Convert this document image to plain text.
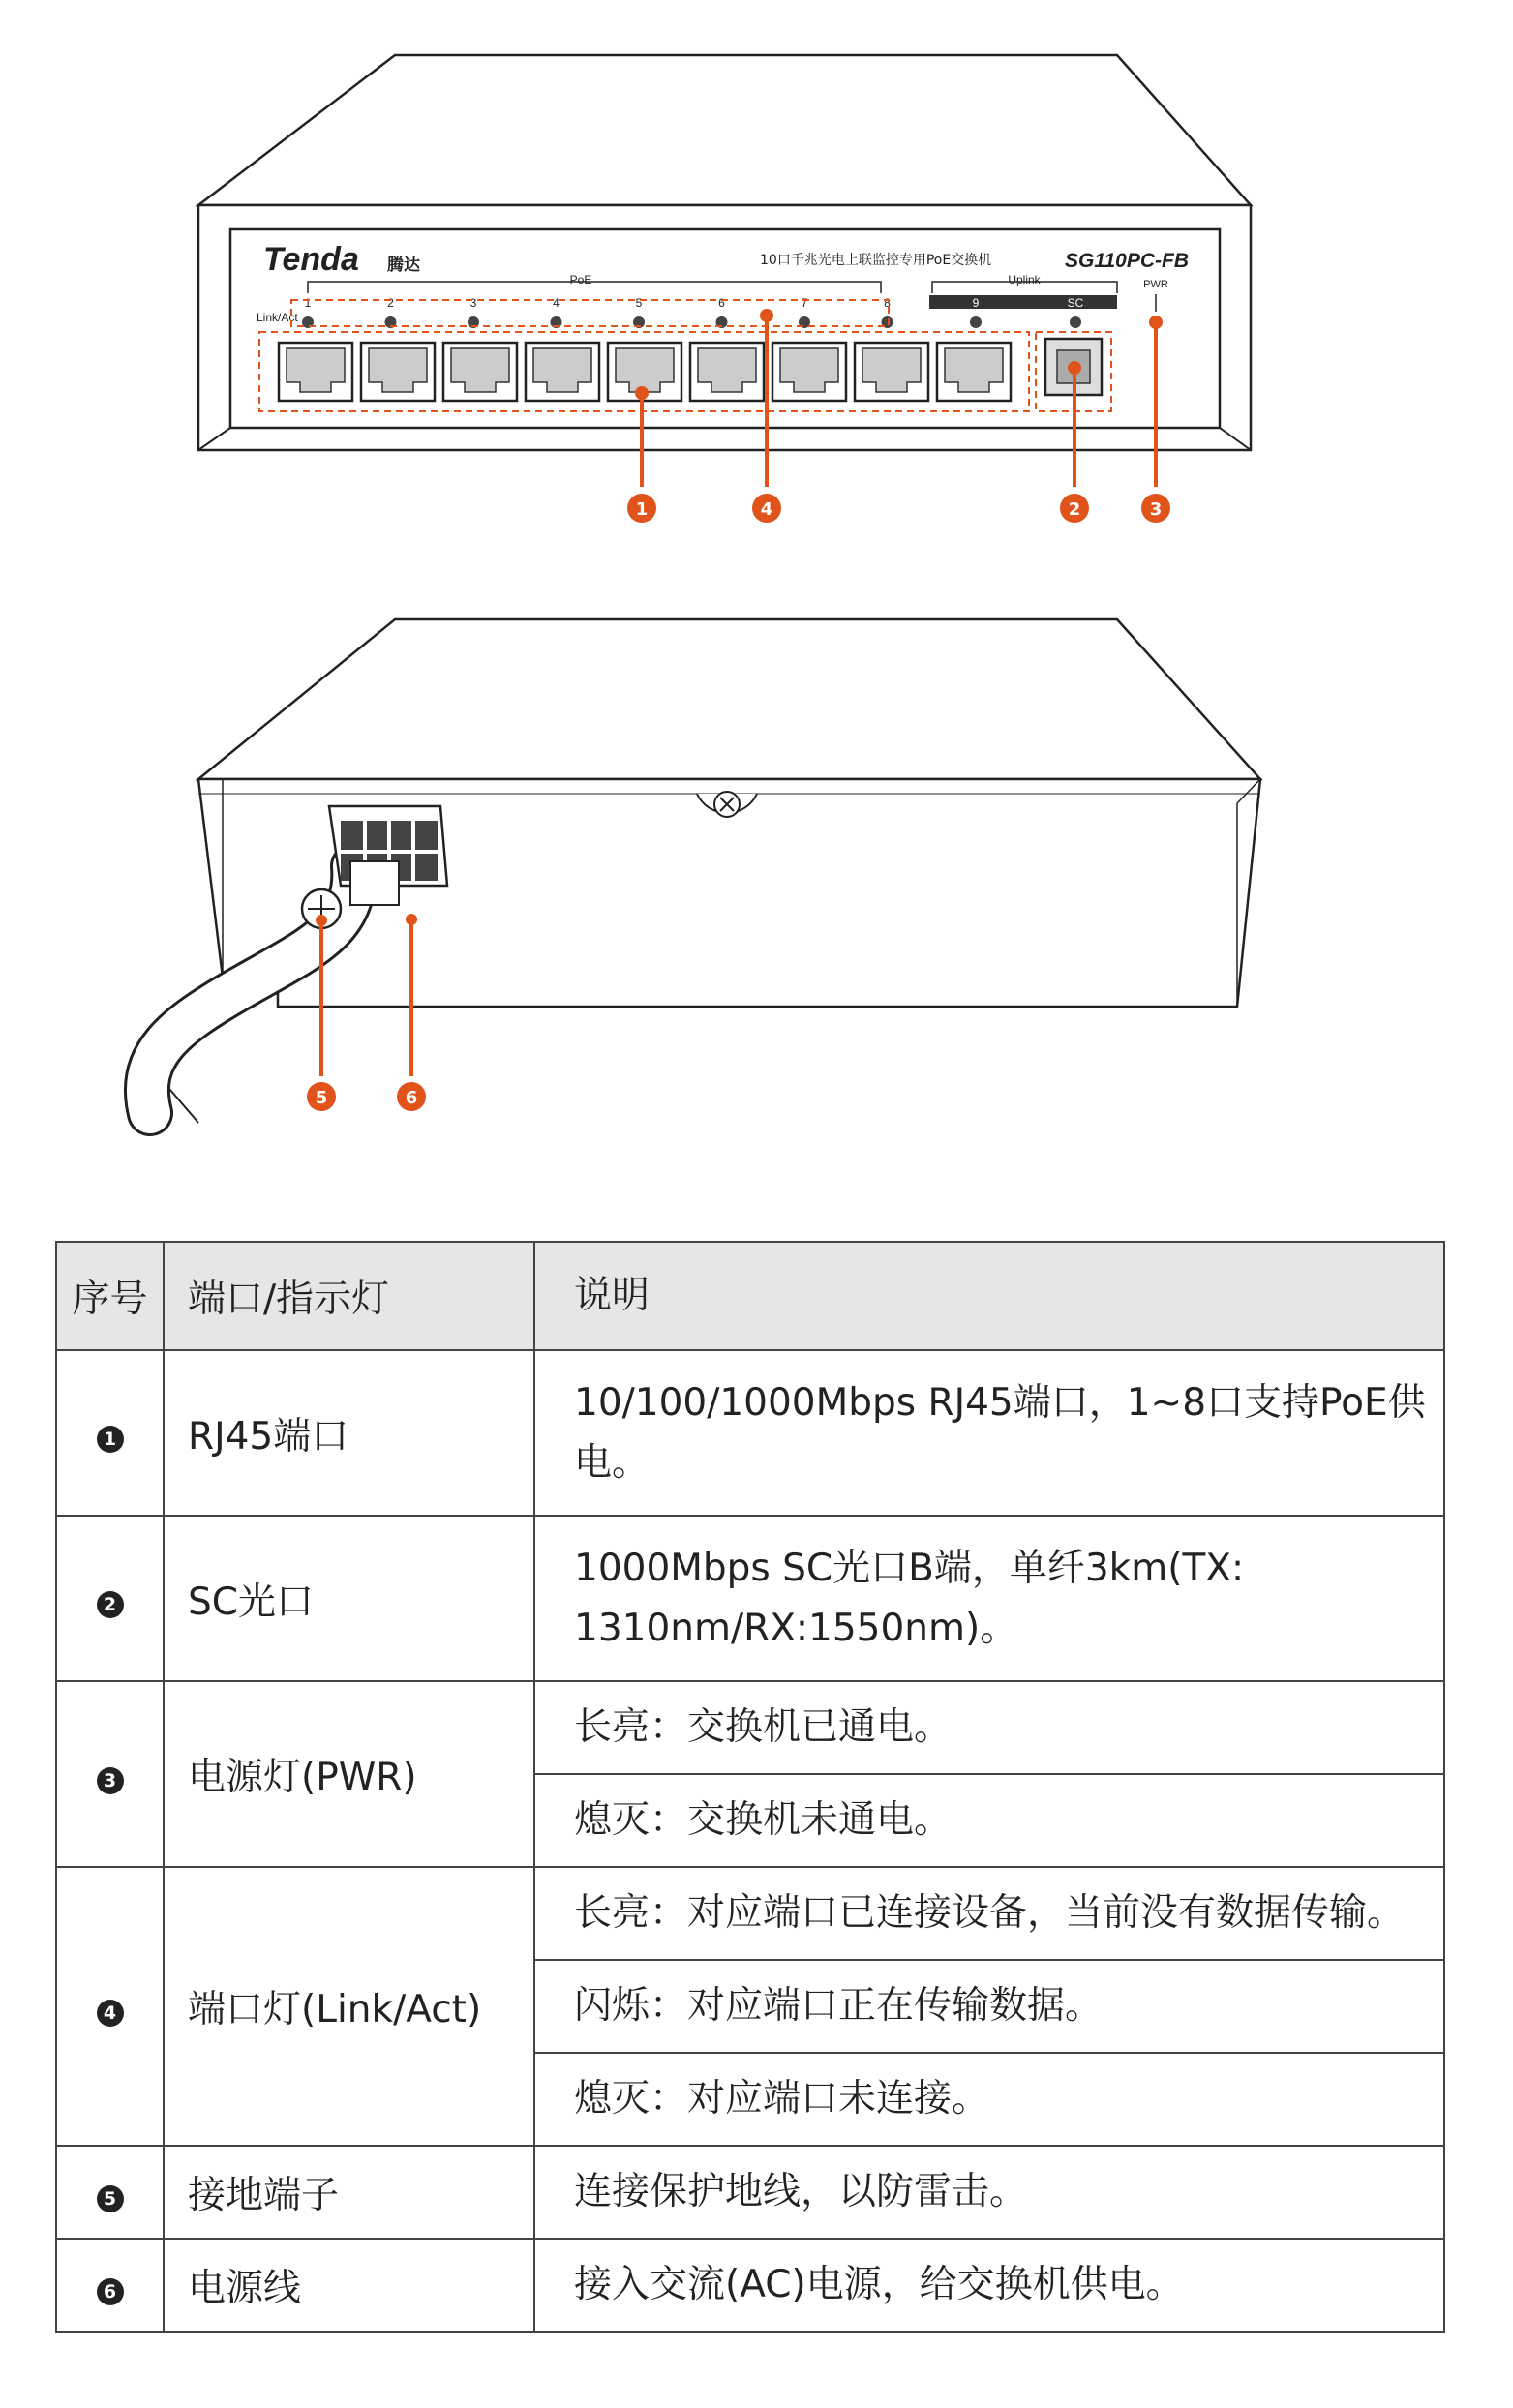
Tenda 腾达	10口千兆光电上联监控专用PoE交换机	SG110PC-FB
PoE	Uplink
9	SC
PWR
Link/Act
1	2	3	4	5	6	7	8
1	4	2	3
5	6
序号	端口/指示灯	说明
1	RJ45端口	10/100/1000Mbps RJ45端口，1~8口支持PoE供电。
2	SC光口	1000Mbps SC光口B端，单纤3km(TX: 1310nm/RX:1550nm)。
3	电源灯(PWR)	长亮：交换机已通电。
		熄灭：交换机未通电。
4	端口灯(Link/Act)	长亮：对应端口已连接设备，当前没有数据传输。
		闪烁：对应端口正在传输数据。
		熄灭：对应端口未连接。
5	接地端子	连接保护地线，以防雷击。
6	电源线	接入交流(AC)电源，给交换机供电。
